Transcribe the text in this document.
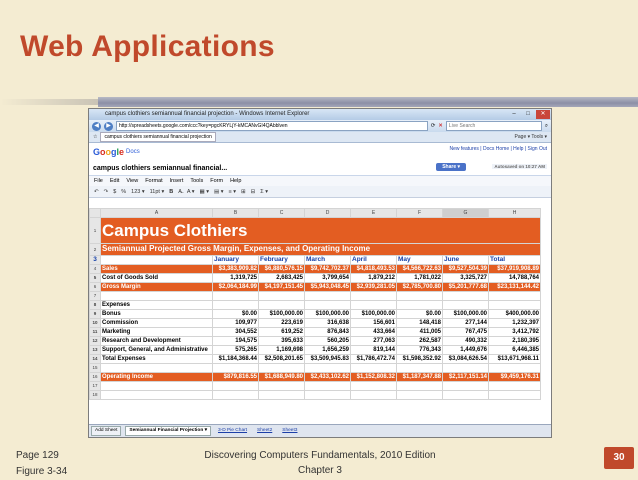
Web Applications
campus clothiers semiannual financial projection - Windows Internet Explorer	–	□	✕
◀	▶	http://spreadsheets.google.com/ccc?key=pgcKRYLjY-kMCANvGI4QAbblven	⟳ ✕	Live Search	⌕
☆	campus clothiers semiannual financial projection	Page ▾ Tools ▾
Google Docs	New features | Docs Home | Help | Sign Out
campus clothiers semiannual financial...	Share ▾	Autosaved on 10:27 AM
File Edit View Format Insert Tools Form Help
↶ ↷ $ % 123 ▾ 11pt ▾ B A̶ A ▾ ▦ ▾ ▤ ▾ ≡ ▾ ⊞ ⊟ Σ ▾
	A	B	C	D	E	F	G	H
1	Campus Clothiers							
2	Semiannual Projected Gross Margin, Expenses, and Operating Income							
3		January	February	March	April	May	June	Total
4	Sales	$3,383,909.82	$6,880,576.15	$9,742,702.37	$4,818,493.53	$4,566,722.63	$9,527,504.39	$37,919,908.89
5	Cost of Goods Sold	1,319,725	2,683,425	3,799,654	1,879,212	1,781,022	3,325,727	14,788,764
6	Gross Margin	$2,064,184.99	$4,197,151.45	$5,943,048.45	$2,939,281.05	$2,785,700.80	$5,201,777.68	$23,131,144.42
7								
8	Expenses							
9	Bonus	$0.00	$100,000.00	$100,000.00	$100,000.00	$0.00	$100,000.00	$400,000.00
10	Commission	109,977	223,619	316,638	156,601	148,418	277,144	1,232,397
11	Marketing	304,552	619,252	876,843	433,664	411,005	767,475	3,412,792
12	Research and Development	194,575	395,633	560,205	277,063	262,587	490,332	2,180,395
13	Support, General, and Administrative	575,265	1,169,698	1,656,259	819,144	776,343	1,449,676	6,446,385
14	Total Expenses	$1,184,368.44	$2,508,201.65	$3,509,945.83	$1,786,472.74	$1,598,352.92	$3,084,626.54	$13,671,968.11
15								
16	Operating Income	$879,816.55	$1,688,949.80	$2,433,102.62	$1,152,808.32	$1,187,347.88	$2,117,151.14	$9,459,176.31
17								
18								
Add Sheet	Semiannual Financial Projection ▾	3-D Pie Chart	Sheet2	Sheet3
Page 129
Figure 3-34
Discovering Computers Fundamentals, 2010 Edition
Chapter 3
30
